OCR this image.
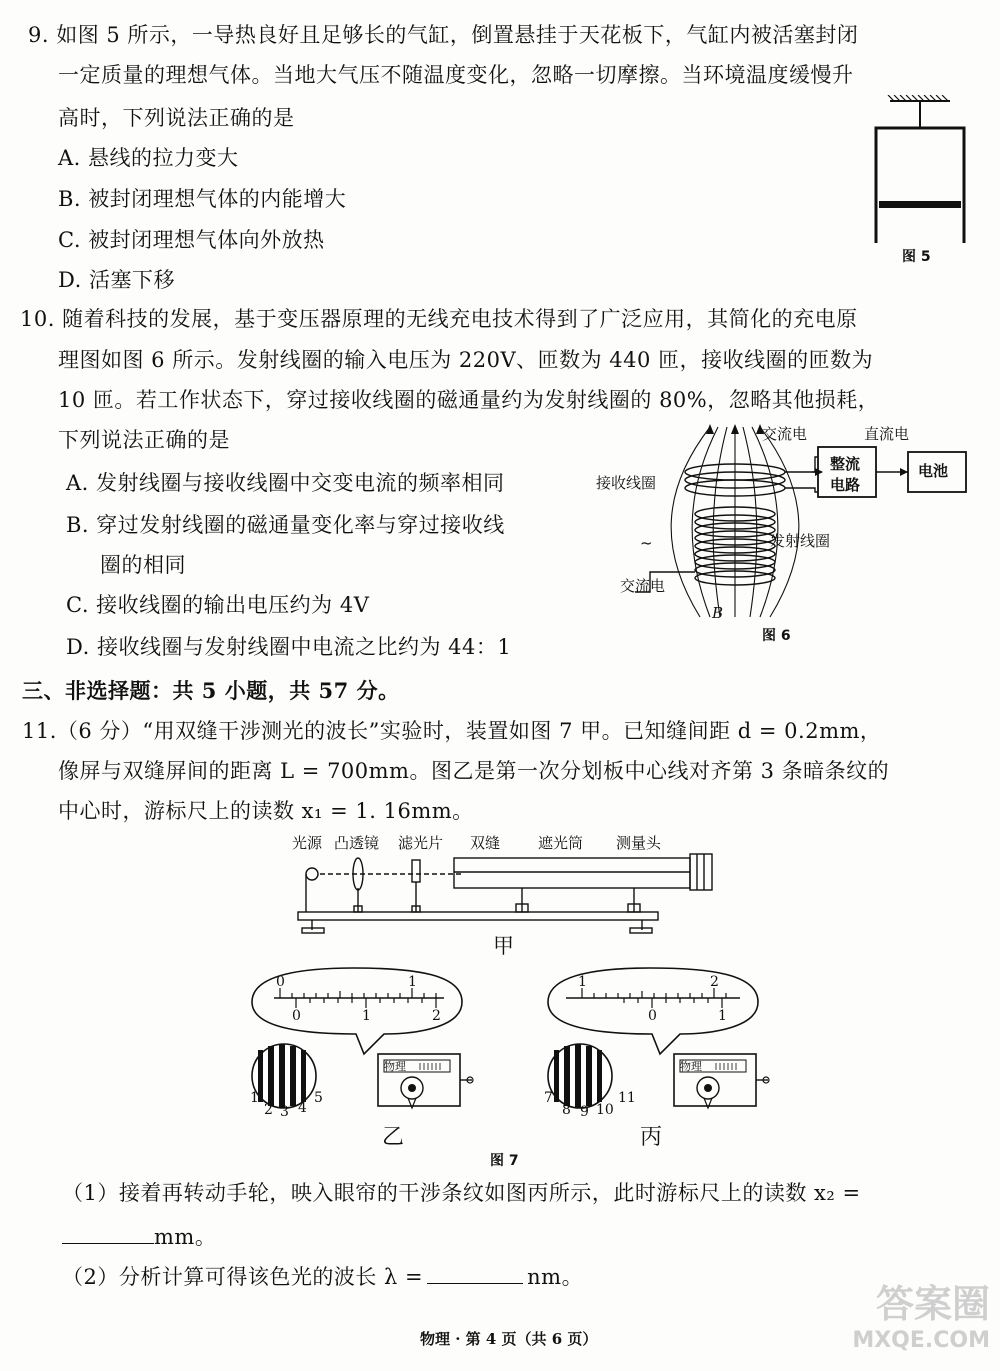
9. 如图 5 所示，一导热良好且足够长的气缸，倒置悬挂于天花板下，气缸内被活塞封闭
一定质量的理想气体。当地大气压不随温度变化，忽略一切摩擦。当环境温度缓慢升
高时，下列说法正确的是
A. 悬线的拉力变大
B. 被封闭理想气体的内能增大
C. 被封闭理想气体向外放热
D. 活塞下移
图 5
10. 随着科技的发展，基于变压器原理的无线充电技术得到了广泛应用，其简化的充电原
理图如图 6 所示。发射线圈的输入电压为 220V、匝数为 440 匝，接收线圈的匝数为
10 匝。若工作状态下，穿过接收线圈的磁通量约为发射线圈的 80%，忽略其他损耗，
下列说法正确的是
A. 发射线圈与接收线圈中交变电流的频率相同
B. 穿过发射线圈的磁通量变化率与穿过接收线
圈的相同
C. 接收线圈的输出电压约为 4V
D. 接收线圈与发射线圈中电流之比约为 44：1
交流电	直流电
整流
电路
电池
接收线圈
发射线圈
~
交流电
B
图 6
三、非选择题：共 5 小题，共 57 分。
11.（6 分）“用双缝干涉测光的波长”实验时，装置如图 7 甲。已知缝间距 d = 0.2mm，
像屏与双缝屏间的距离 L = 700mm。图乙是第一次分划板中心线对齐第 3 条暗条纹的
中心时，游标尺上的读数 x₁ = 1. 16mm。
光源 凸透镜 滤光片 双缝	遮光筒 测量头
甲
0	1
0	1	2
物理
1
2 3 4
5
乙
1	2
0	1
物理
7
8 9 10
11
丙
图 7
（1）接着再转动手轮，映入眼帘的干涉条纹如图丙所示，此时游标尺上的读数 x₂ =
mm。
（2）分析计算可得该色光的波长 λ =	nm。
物理 · 第 4 页（共 6 页）
答案圈
MXQE.COM
